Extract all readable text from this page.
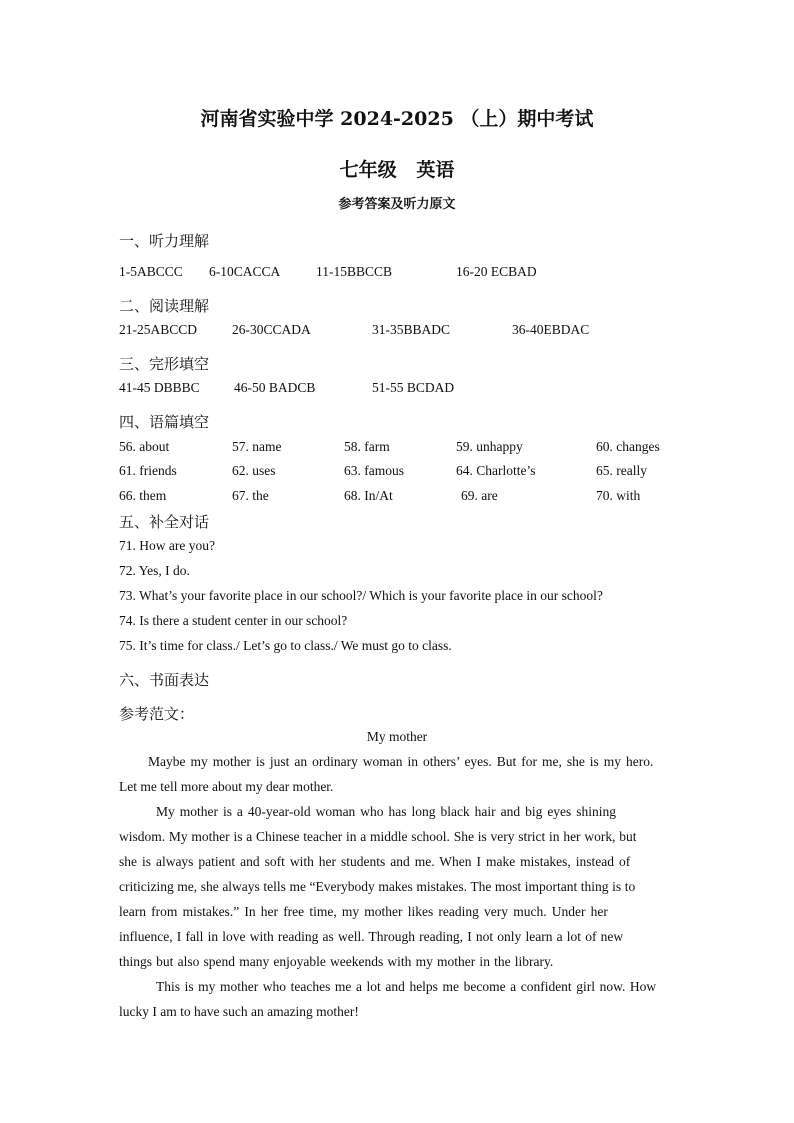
河南省实验中学 2024-2025 （上）期中考试
七年级   英语
参考答案及听力原文
一、听力理解
1-5ABCCC 6-10CACCA	11-15BBCCB	16-20 ECBAD
二、阅读理解
21-25ABCCD	26-30CCADA	31-35BBADC	36-40EBDAC
三、完形填空
41-45 DBBBC	46-50 BADCB	51-55 BCDAD
四、语篇填空
56. about	57. name	58. farm	59. unhappy	60. changes
61. friends	62. uses	63. famous	64. Charlotte’s	65. really
66. them	67. the	68. In/At	69. are	70. with
五、补全对话
71. How are you?
72. Yes, I do.
73. What’s your favorite place in our school?/ Which is your favorite place in our school?
74. Is there a student center in our school?
75. It’s time for class./ Let’s go to class./ We must go to class.
六、书面表达
参考范文：
My mother
Maybe my mother is just an ordinary woman in others’ eyes. But for me, she is my hero.
Let me tell more about my dear mother.
My mother is a 40-year-old woman who has long black hair and big eyes shining
wisdom. My mother is a Chinese teacher in a middle school. She is very strict in her work, but
she is always patient and soft with her students and me. When I make mistakes, instead of
criticizing me, she always tells me “Everybody makes mistakes. The most important thing is to
learn from mistakes.” In her free time, my mother likes reading very much. Under her
influence, I fall in love with reading as well. Through reading, I not only learn a lot of new
things but also spend many enjoyable weekends with my mother in the library.
This is my mother who teaches me a lot and helps me become a confident girl now. How
lucky I am to have such an amazing mother!
